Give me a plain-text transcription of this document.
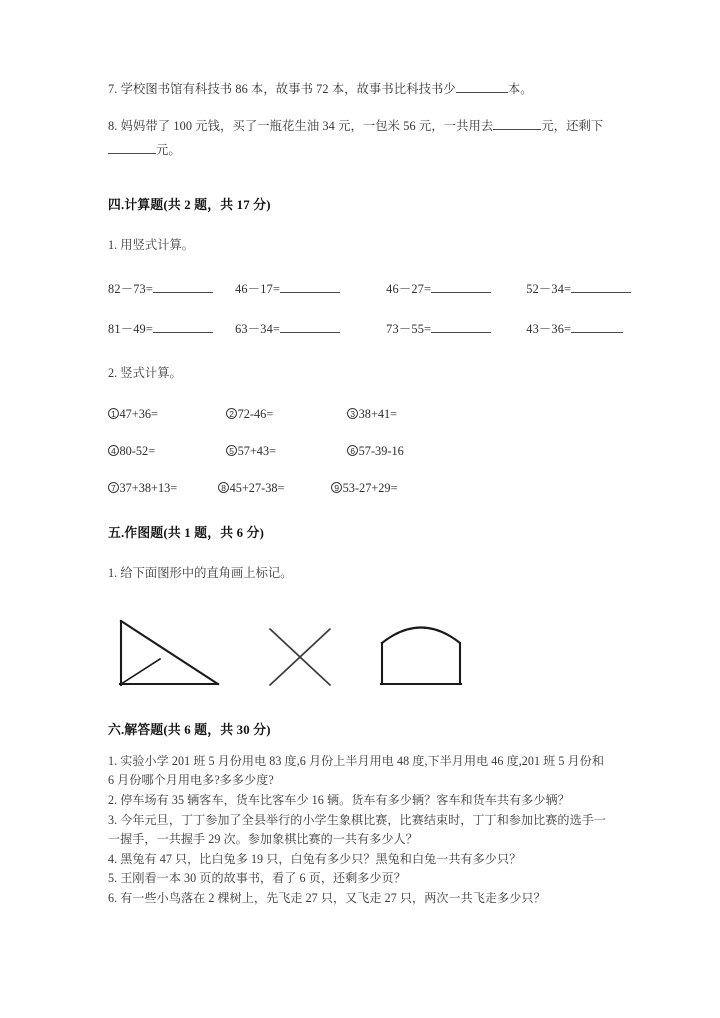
7. 学校图书馆有科技书 86 本，故事书 72 本，故事书比科技书少	本。

8. 妈妈带了 100 元钱，买了一瓶花生油 34 元，一包米 56 元，一共用去	元，还剩下元。

四.计算题(共 2 题，共 17 分)

1. 用竖式计算。

82－73=	46－17=	46－27=	52－34=
81－49=	63－34=	73－55=	43－36=

2. 竖式计算。

1 47+36=	2 72-46=	3 38+41=
4 80-52=	5 57+43=	6 57-39-16
7 37+38+13=	8 45+27-38=	9 53-27+29=

五.作图题(共 1 题，共 6 分)

1. 给下面图形中的直角画上标记。

六.解答题(共 6 题，共 30 分)

1. 实验小学 201 班 5 月份用电 83 度,6 月份上半月用电 48 度,下半月用电 46 度,201 班 5 月份和 6 月份哪个月用电多?多多少度?

2. 停车场有 35 辆客车，货车比客车少 16 辆。货车有多少辆？客车和货车共有多少辆？

3. 今年元旦，丁丁参加了全县举行的小学生象棋比赛，比赛结束时，丁丁和参加比赛的选手一一握手，一共握手 29 次。参加象棋比赛的一共有多少人？

4. 黑兔有 47 只，比白兔多 19 只，白兔有多少只？黑兔和白兔一共有多少只？

5. 王刚看一本 30 页的故事书，看了 6 页，还剩多少页？

6. 有一些小鸟落在 2 棵树上，先飞走 27 只，又飞走 27 只，两次一共飞走多少只？
